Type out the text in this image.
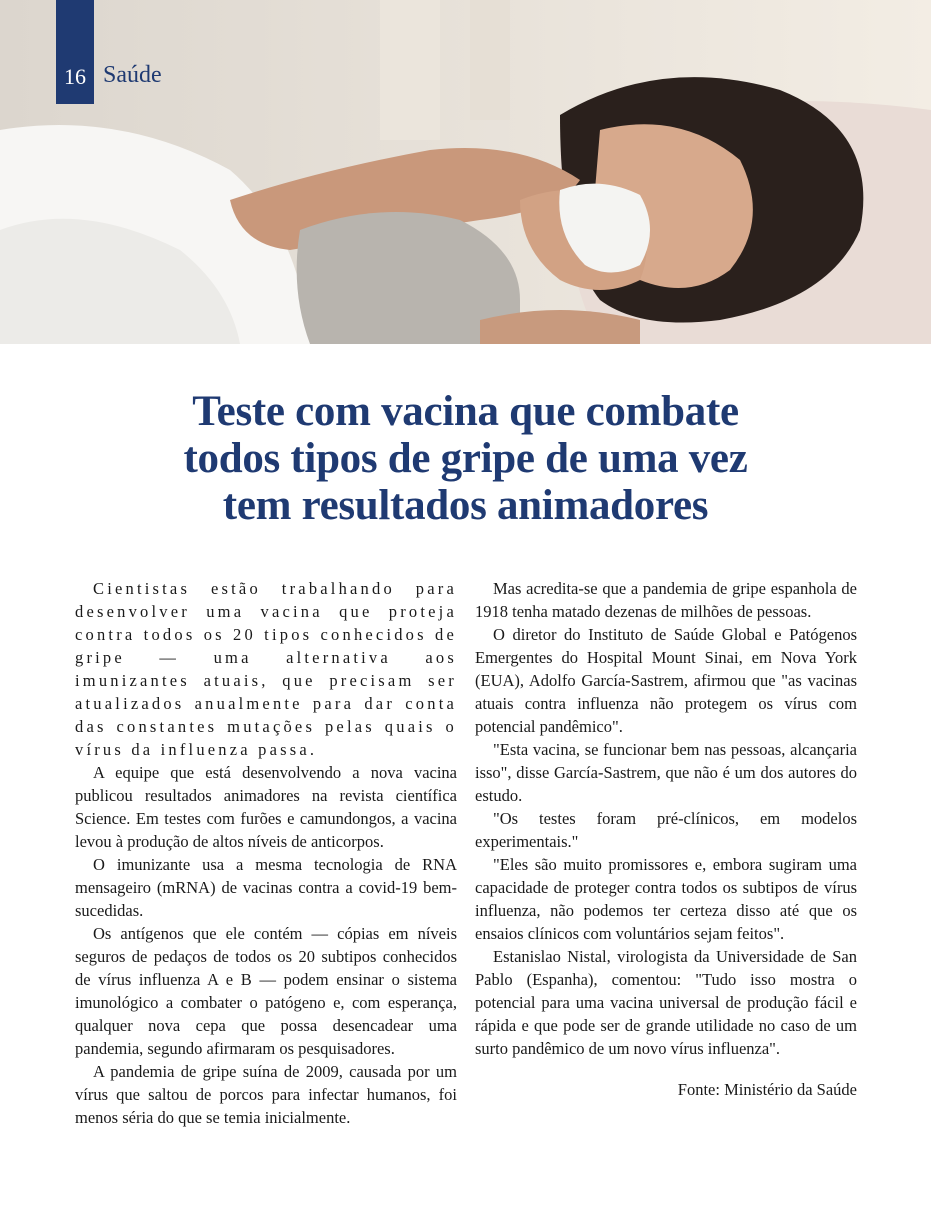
16 Saúde
Teste com vacina que combate
todos tipos de gripe de uma vez
tem resultados animadores

Cientistas estão trabalhando para desenvolver uma vacina que proteja contra todos os 20 tipos conhecidos de gripe — uma alternativa aos imunizantes atuais, que precisam ser atualizados anualmente para dar conta das constantes mutações pelas quais o vírus da influenza passa.

A equipe que está desenvolvendo a nova vacina publicou resultados animadores na revista científica Science. Em testes com furões e camundongos, a vacina levou à produção de altos níveis de anticorpos.

O imunizante usa a mesma tecnologia de RNA mensageiro (mRNA) de vacinas contra a covid-19 bem-sucedidas.

Os antígenos que ele contém — cópias em níveis seguros de pedaços de todos os 20 subtipos conhecidos de vírus influenza A e B — podem ensinar o sistema imunológico a combater o patógeno e, com esperança, qualquer nova cepa que possa desencadear uma pandemia, segundo afirmaram os pesquisadores.

A pandemia de gripe suína de 2009, causada por um vírus que saltou de porcos para infectar humanos, foi menos séria do que se temia inicialmente.

Mas acredita-se que a pandemia de gripe espanhola de 1918 tenha matado dezenas de milhões de pessoas.

O diretor do Instituto de Saúde Global e Patógenos Emergentes do Hospital Mount Sinai, em Nova York (EUA), Adolfo García-Sastrem, afirmou que "as vacinas atuais contra influenza não protegem os vírus com potencial pandêmico".

"Esta vacina, se funcionar bem nas pessoas, alcançaria isso", disse García-Sastrem, que não é um dos autores do estudo.

"Os testes foram pré-clínicos, em modelos experimentais."

"Eles são muito promissores e, embora sugiram uma capacidade de proteger contra todos os subtipos de vírus influenza, não podemos ter certeza disso até que os ensaios clínicos com voluntários sejam feitos".

Estanislao Nistal, virologista da Universidade de San Pablo (Espanha), comentou: "Tudo isso mostra o potencial para uma vacina universal de produção fácil e rápida e que pode ser de grande utilidade no caso de um surto pandêmico de um novo vírus influenza".

Fonte: Ministério da Saúde
